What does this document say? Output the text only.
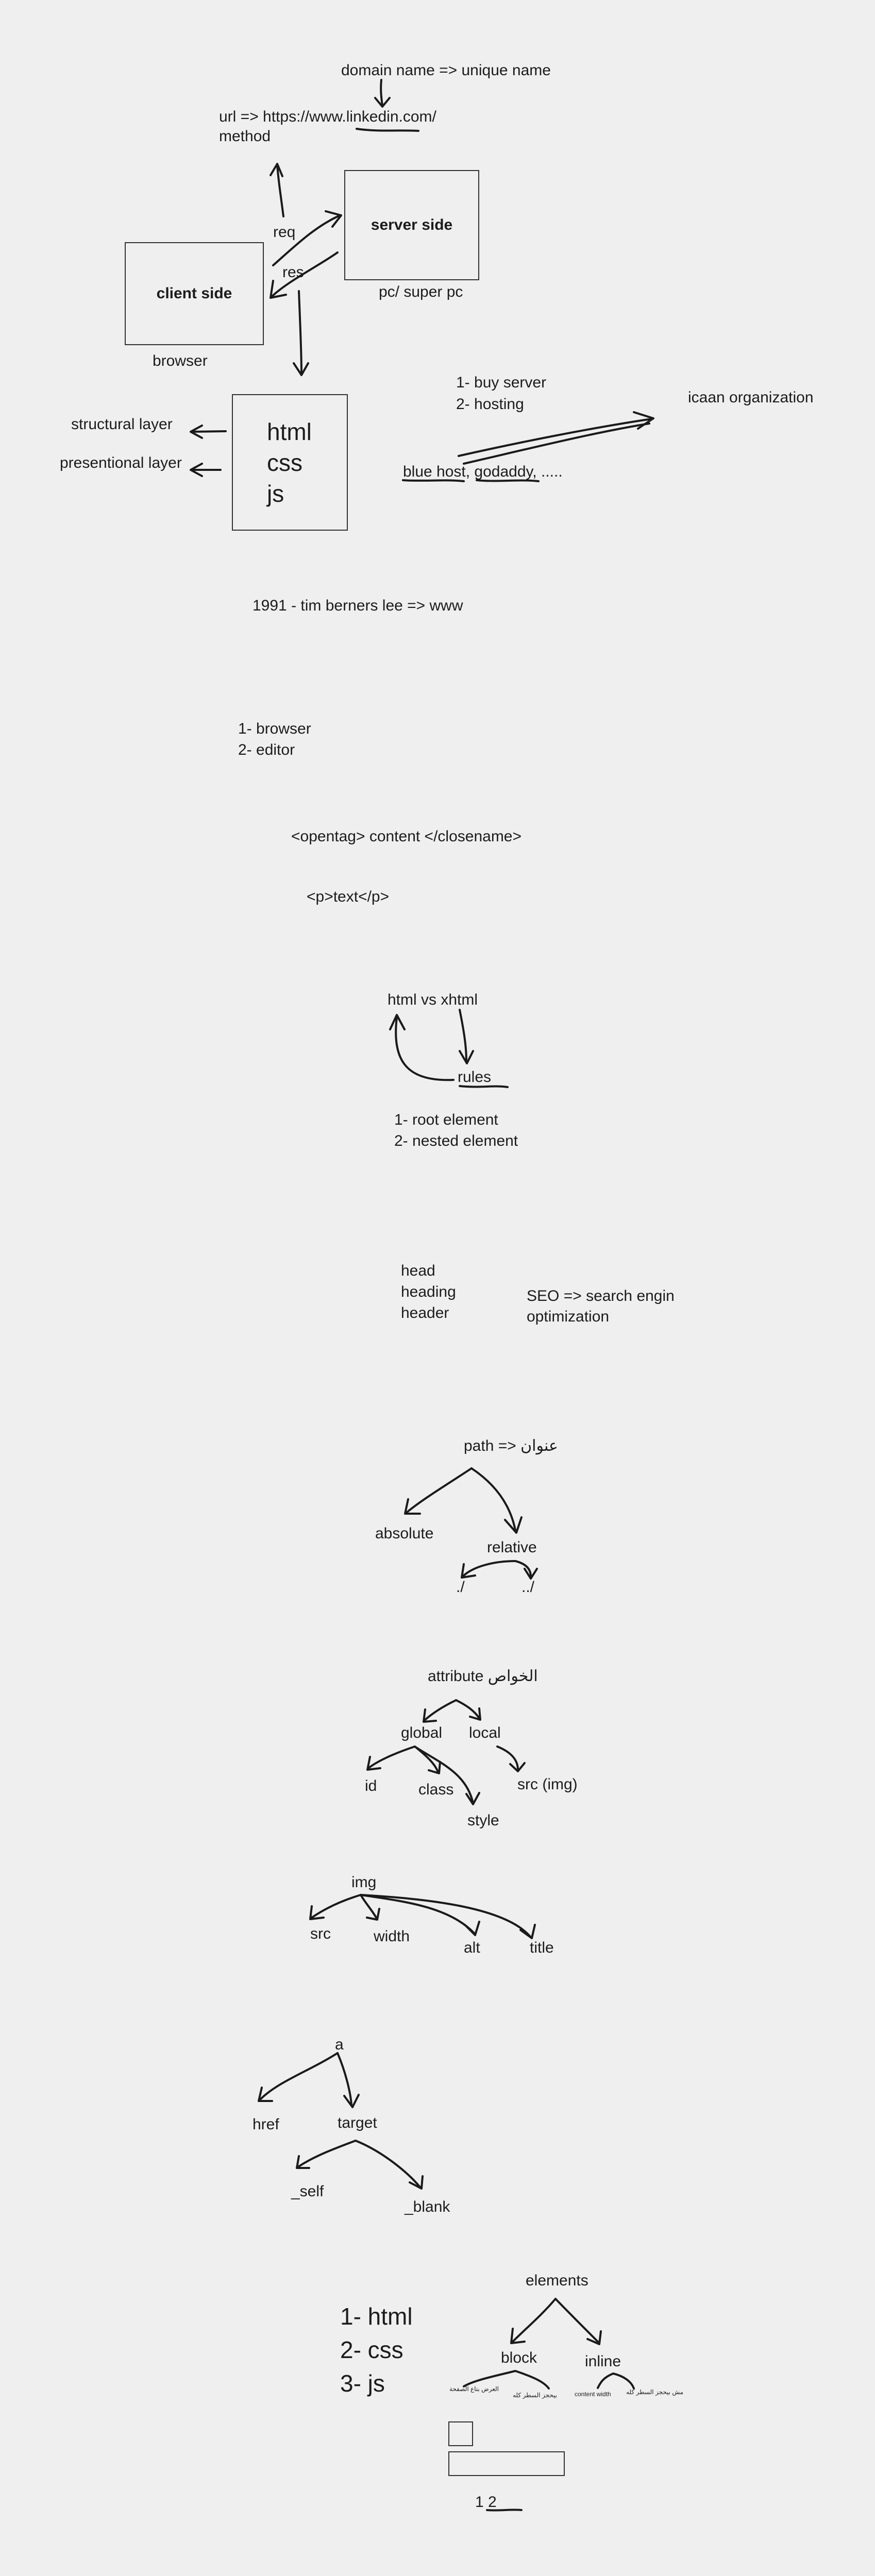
domain name => unique name
url => https://www.linkedin.com/
method
server side
pc/ super pc
req
res
client side
browser
html
css
js
structural layer
presentional layer
1- buy server
2- hosting
blue host, godaddy, .....
icaan organization
1991 - tim berners lee => www
1- browser
2- editor
<opentag> content </closename>
<p>text</p>
html vs xhtml
rules
1- root element
2- nested element
head
heading
header
SEO => search engin
optimization
path => عنوان
absolute
relative
./	../
attribute الخواص
global local
id	class
style
src (img)
img
src	width
alt	title
a
href	target
_self
_blank
1- html
2- css
3- js
elements
block	inline
العرض بتاع الصفحة
بيحجز السطر كله	content width مش بيحجز السطر كله
1 2
